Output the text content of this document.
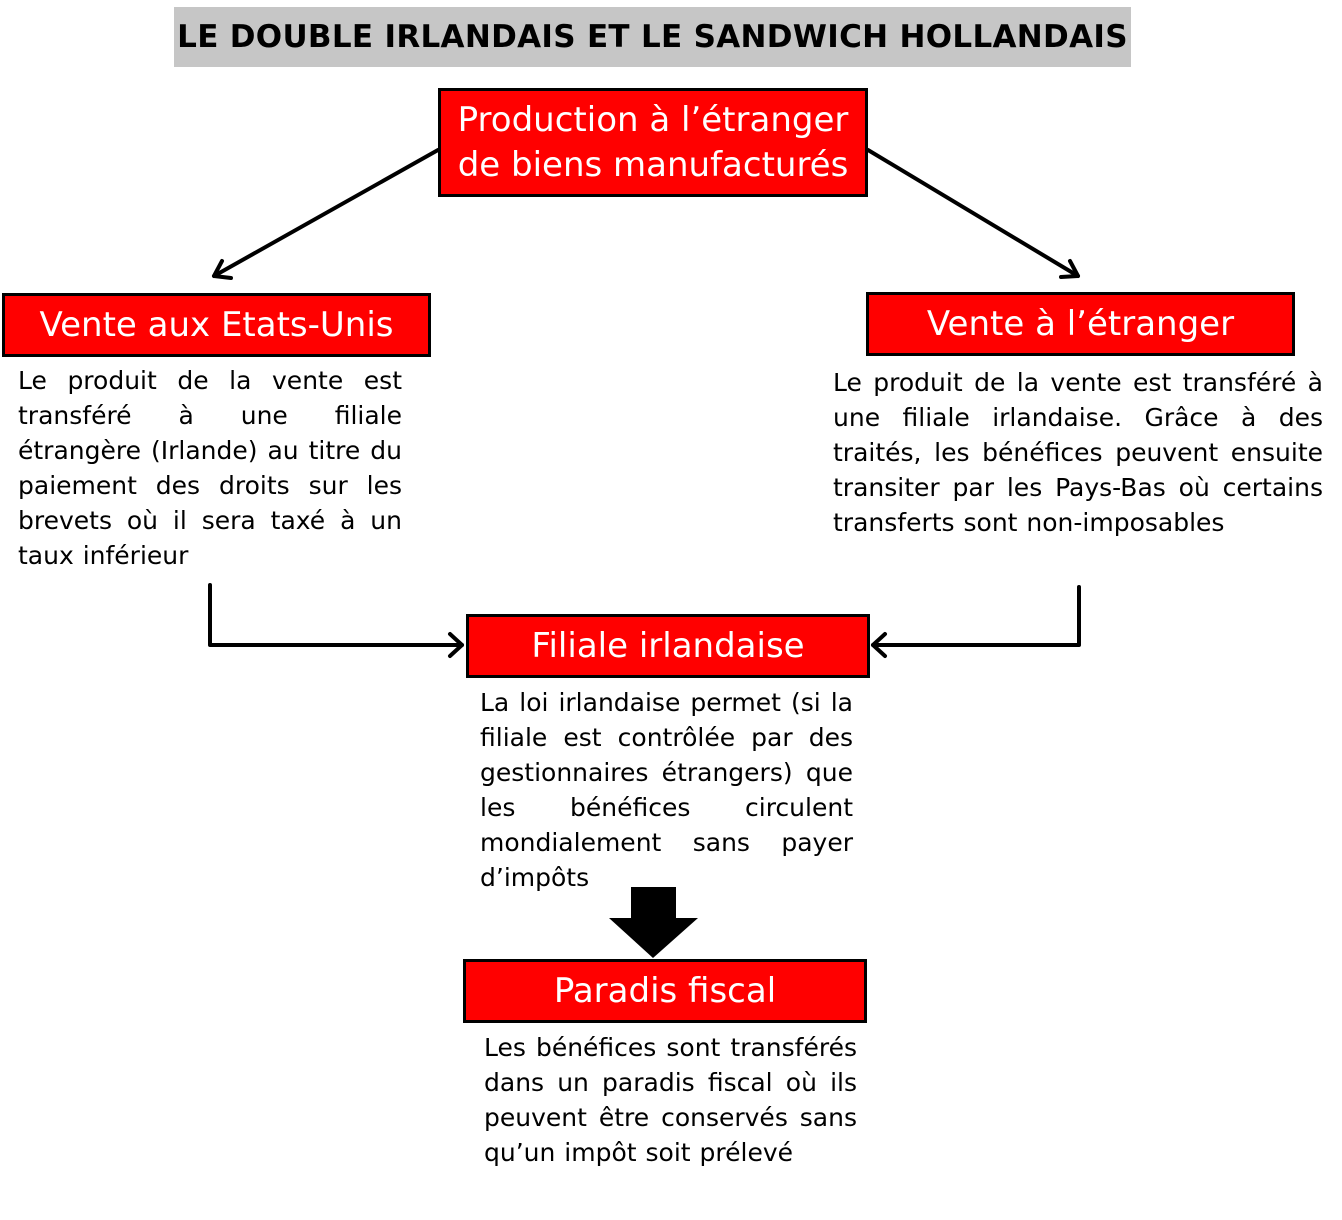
LE DOUBLE IRLANDAIS ET LE SANDWICH HOLLANDAIS
Production à l’étranger
de biens manufacturés
Vente aux Etats-Unis
Le produit de la vente est transféré à une filiale étrangère (Irlande) au titre du paiement des droits sur les brevets où il sera taxé à un taux inférieur
Vente à l’étranger
Le produit de la vente est transféré à une filiale irlandaise. Grâce à des traités, les bénéfices peuvent ensuite transiter par les Pays-Bas où certains transferts sont non-imposables
Filiale irlandaise
La loi irlandaise permet (si la filiale est contrôlée par des gestionnaires étrangers) que les bénéfices circulent mondialement sans payer d’impôts
Paradis fiscal
Les bénéfices sont transférés dans un paradis fiscal où ils peuvent être conservés sans qu’un impôt soit prélevé
